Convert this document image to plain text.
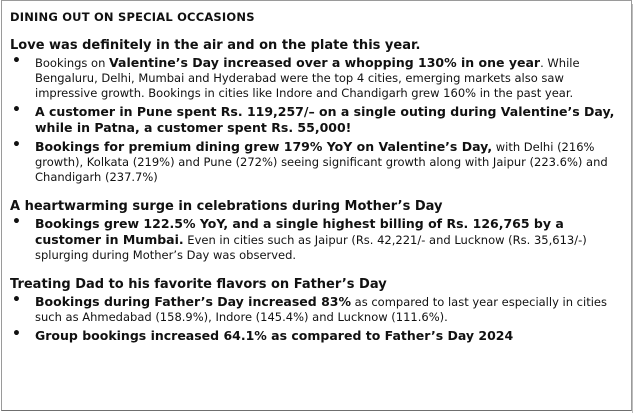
DINING OUT ON SPECIAL OCCASIONS
Love was definitely in the air and on the plate this year.
• Bookings on Valentine’s Day increased over a whopping 130% in one year. While Bengaluru, Delhi, Mumbai and Hyderabad were the top 4 cities, emerging markets also saw impressive growth. Bookings in cities like Indore and Chandigarh grew 160% in the past year.
• A customer in Pune spent Rs. 119,257/– on a single outing during Valentine’s Day, while in Patna, a customer spent Rs. 55,000!
• Bookings for premium dining grew 179% YoY on Valentine’s Day, with Delhi (216% growth), Kolkata (219%) and Pune (272%) seeing significant growth along with Jaipur (223.6%) and Chandigarh (237.7%)
A heartwarming surge in celebrations during Mother’s Day
• Bookings grew 122.5% YoY, and a single highest billing of Rs. 126,765 by a customer in Mumbai. Even in cities such as Jaipur (Rs. 42,221/- and Lucknow (Rs. 35,613/-) splurging during Mother’s Day was observed.
Treating Dad to his favorite flavors on Father’s Day
• Bookings during Father’s Day increased 83% as compared to last year especially in cities such as Ahmedabad (158.9%), Indore (145.4%) and Lucknow (111.6%).
• Group bookings increased 64.1% as compared to Father’s Day 2024
